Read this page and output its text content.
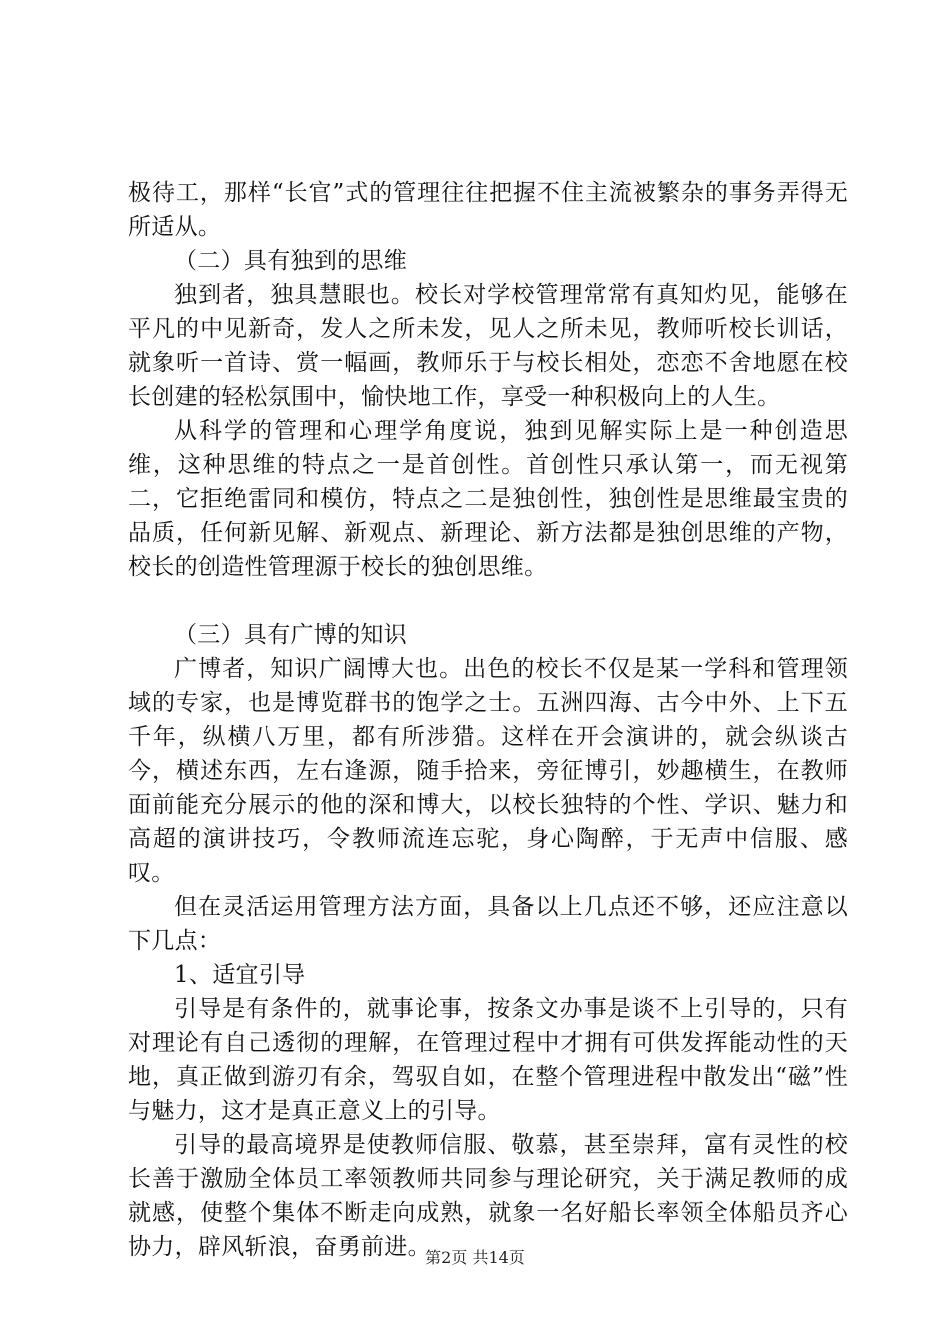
极待工，那样“长官”式的管理往往把握不住主流被繁杂的事务弄得无所适从。

（二）具有独到的思维

独到者，独具慧眼也。校长对学校管理常常有真知灼见，能够在平凡的中见新奇，发人之所未发，见人之所未见，教师听校长训话，就象听一首诗、赏一幅画，教师乐于与校长相处，恋恋不舍地愿在校长创建的轻松氛围中，愉快地工作，享受一种积极向上的人生。

从科学的管理和心理学角度说，独到见解实际上是一种创造思维，这种思维的特点之一是首创性。首创性只承认第一，而无视第二，它拒绝雷同和模仿，特点之二是独创性，独创性是思维最宝贵的品质，任何新见解、新观点、新理论、新方法都是独创思维的产物，校长的创造性管理源于校长的独创思维。

（三）具有广博的知识

广博者，知识广阔博大也。出色的校长不仅是某一学科和管理领域的专家，也是博览群书的饱学之士。五洲四海、古今中外、上下五千年，纵横八万里，都有所涉猎。这样在开会演讲的，就会纵谈古今，横述东西，左右逢源，随手拾来，旁征博引，妙趣横生，在教师面前能充分展示的他的深和博大，以校长独特的个性、学识、魅力和高超的演讲技巧，令教师流连忘驼，身心陶醉，于无声中信服、感叹。

但在灵活运用管理方法方面，具备以上几点还不够，还应注意以下几点：

1、适宜引导

引导是有条件的，就事论事，按条文办事是谈不上引导的，只有对理论有自己透彻的理解，在管理过程中才拥有可供发挥能动性的天地，真正做到游刃有余，驾驭自如，在整个管理进程中散发出“磁”性与魅力，这才是真正意义上的引导。

引导的最高境界是使教师信服、敬慕，甚至崇拜，富有灵性的校长善于激励全体员工率领教师共同参与理论研究，关于满足教师的成就感，使整个集体不断走向成熟，就象一名好船长率领全体船员齐心协力，辟风斩浪，奋勇前进。

第2页 共14页
